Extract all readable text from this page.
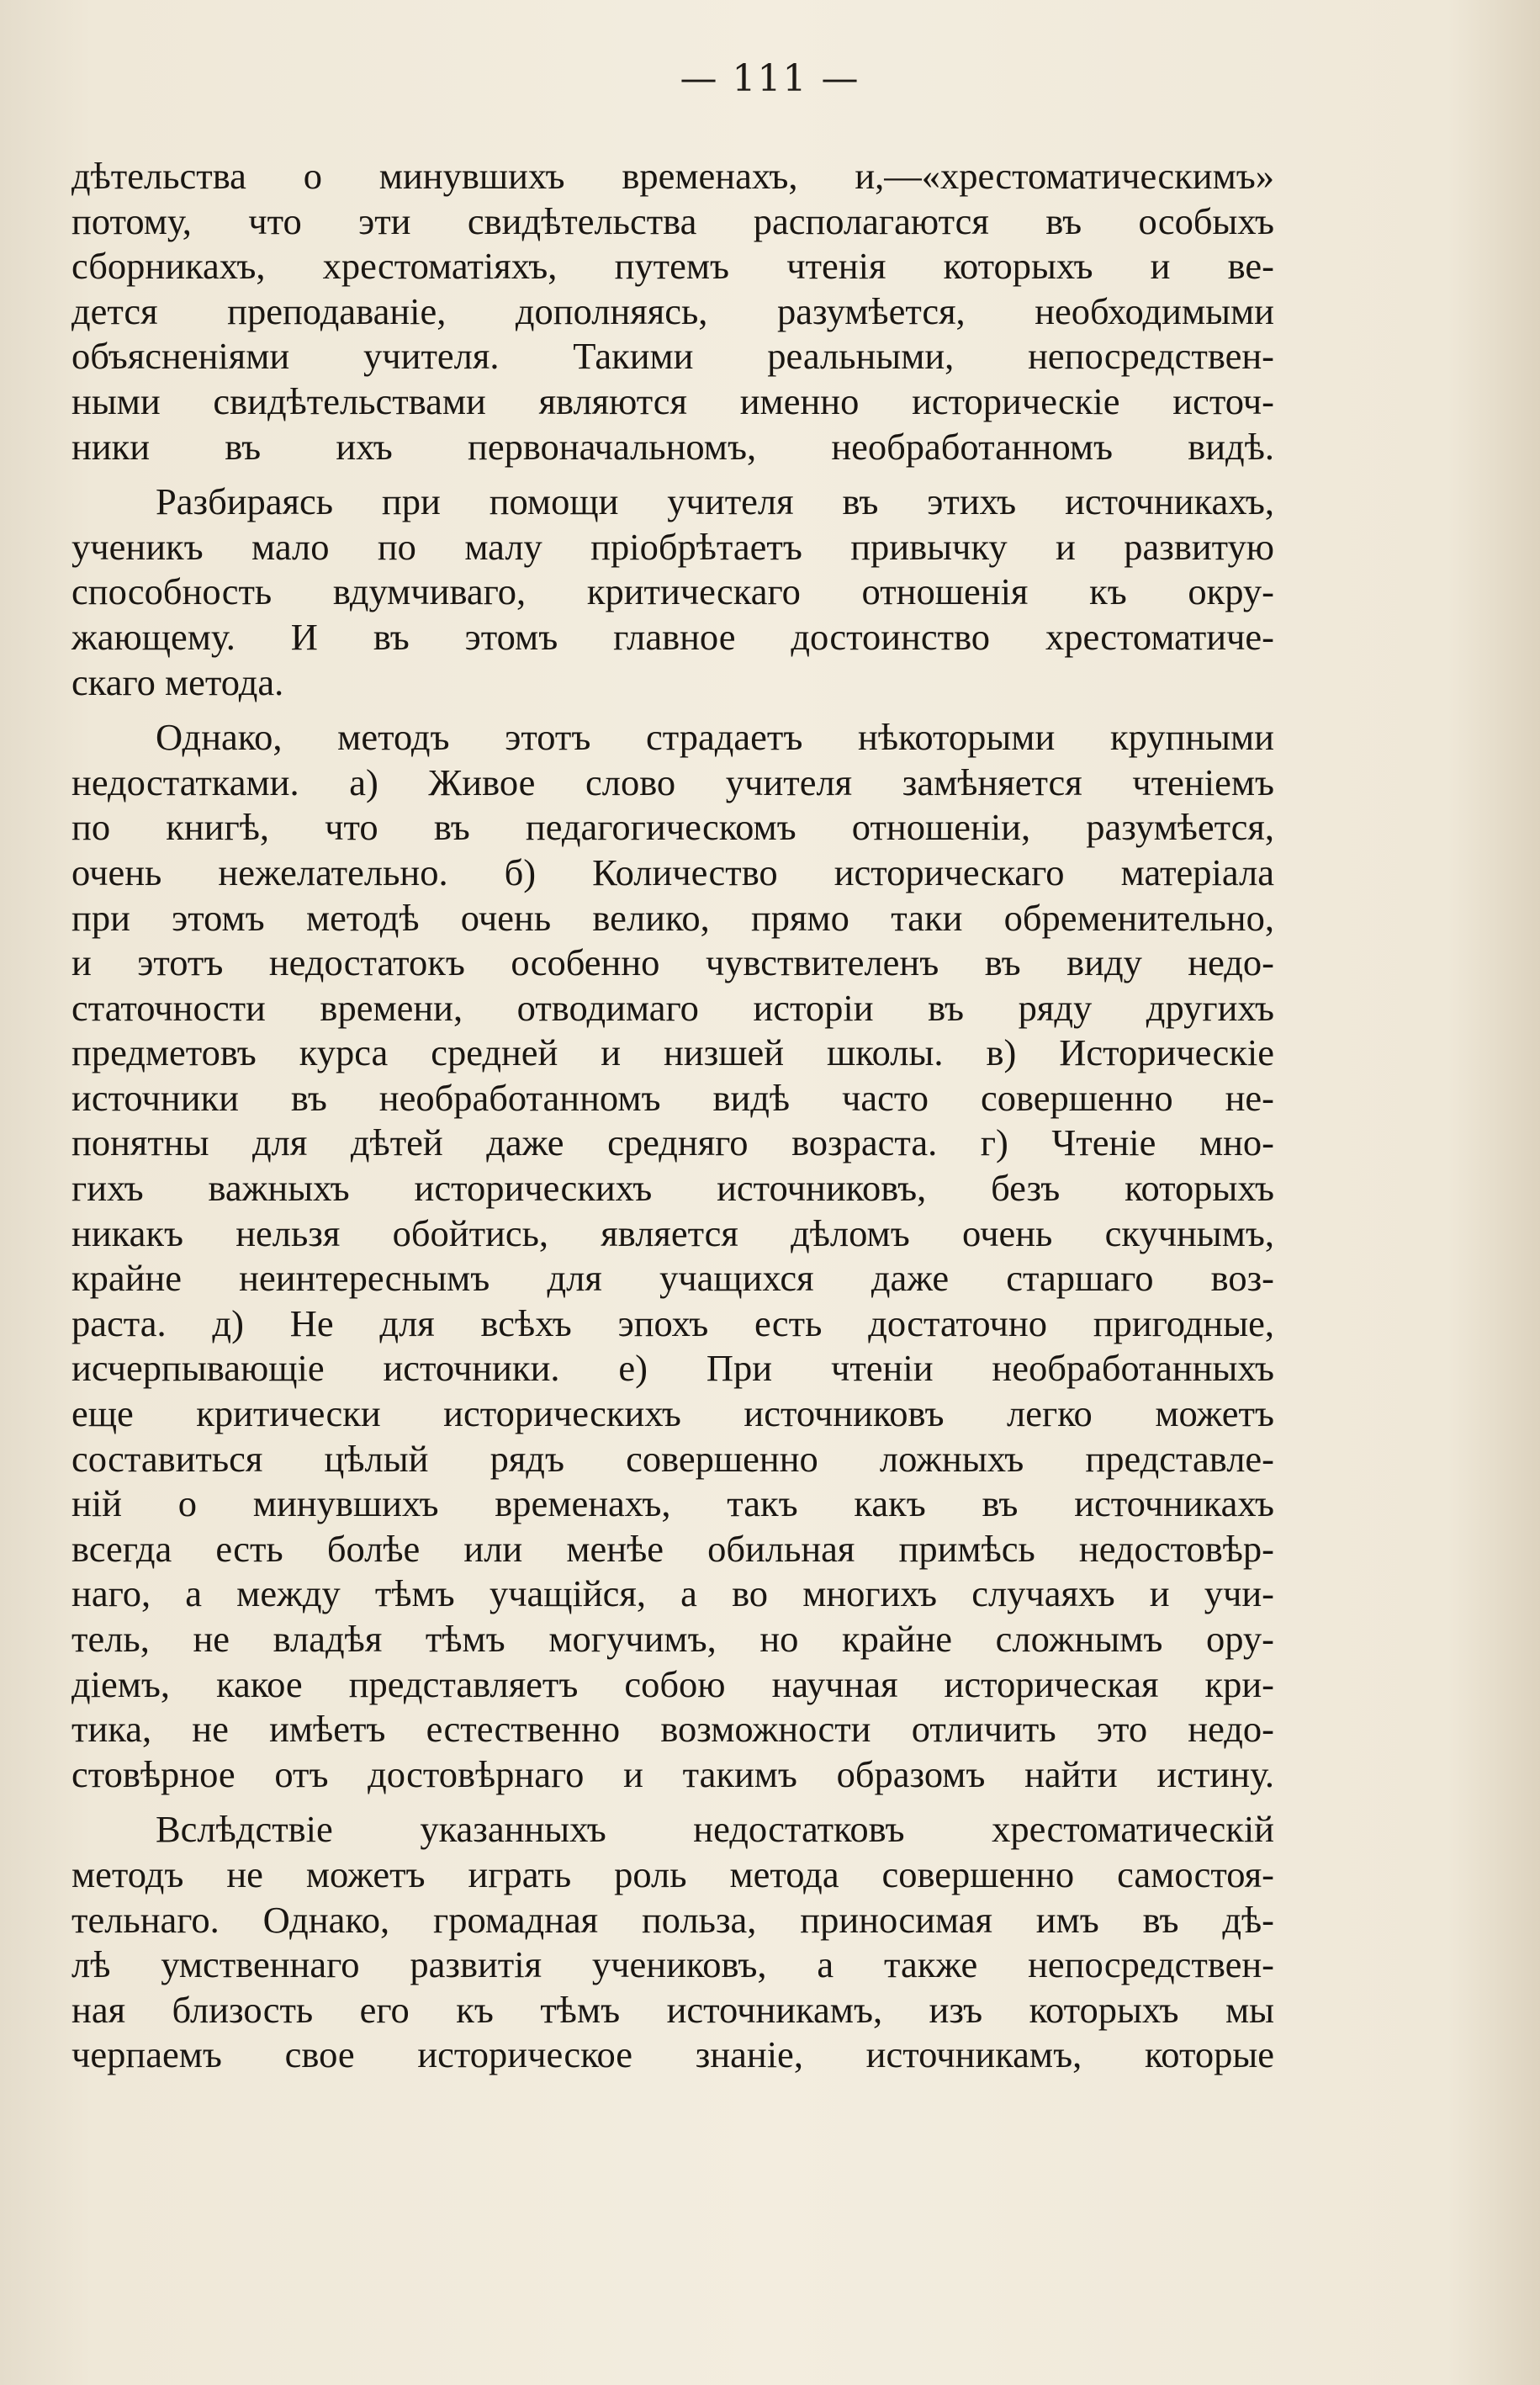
— 111 —
дѣтельства о минувшихъ временахъ, и,—«хрестоматическимъ»
потому, что эти свидѣтельства располагаются въ особыхъ
сборникахъ, хрестоматіяхъ, путемъ чтенія которыхъ и ве-
дется преподаваніе, дополняясь, разумѣется, необходимыми
объясненіями учителя. Такими реальными, непосредствен-
ными свидѣтельствами являются именно историческіе источ-
ники въ ихъ первоначальномъ, необработанномъ видѣ.
Разбираясь при помощи учителя въ этихъ источникахъ,
ученикъ мало по малу пріобрѣтаетъ привычку и развитую
способность вдумчиваго, критическаго отношенія къ окру-
жающему. И въ этомъ главное достоинство хрестоматиче-
скаго метода.
Однако, методъ этотъ страдаетъ нѣкоторыми крупными
недостатками. а) Живое слово учителя замѣняется чтеніемъ
по книгѣ, что въ педагогическомъ отношеніи, разумѣется,
очень нежелательно. б) Количество историческаго матеріала
при этомъ методѣ очень велико, прямо таки обременительно,
и этотъ недостатокъ особенно чувствителенъ въ виду недо-
статочности времени, отводимаго исторіи въ ряду другихъ
предметовъ курса средней и низшей школы. в) Историческіе
источники въ необработанномъ видѣ часто совершенно не-
понятны для дѣтей даже средняго возраста. г) Чтеніе мно-
гихъ важныхъ историческихъ источниковъ, безъ которыхъ
никакъ нельзя обойтись, является дѣломъ очень скучнымъ,
крайне неинтереснымъ для учащихся даже старшаго воз-
раста. д) Не для всѣхъ эпохъ есть достаточно пригодные,
исчерпывающіе источники. е) При чтеніи необработанныхъ
еще критически историческихъ источниковъ легко можетъ
составиться цѣлый рядъ совершенно ложныхъ представле-
ній о минувшихъ временахъ, такъ какъ въ источникахъ
всегда есть болѣе или менѣе обильная примѣсь недостовѣр-
наго, а между тѣмъ учащійся, а во многихъ случаяхъ и учи-
тель, не владѣя тѣмъ могучимъ, но крайне сложнымъ ору-
діемъ, какое представляетъ собою научная историческая кри-
тика, не имѣетъ естественно возможности отличить это недо-
стовѣрное отъ достовѣрнаго и такимъ образомъ найти истину.
Вслѣдствіе указанныхъ недостатковъ хрестоматическій
методъ не можетъ играть роль метода совершенно самостоя-
тельнаго. Однако, громадная польза, приносимая имъ въ дѣ-
лѣ умственнаго развитія учениковъ, а также непосредствен-
ная близость его къ тѣмъ источникамъ, изъ которыхъ мы
черпаемъ свое историческое знаніе, источникамъ, которые
